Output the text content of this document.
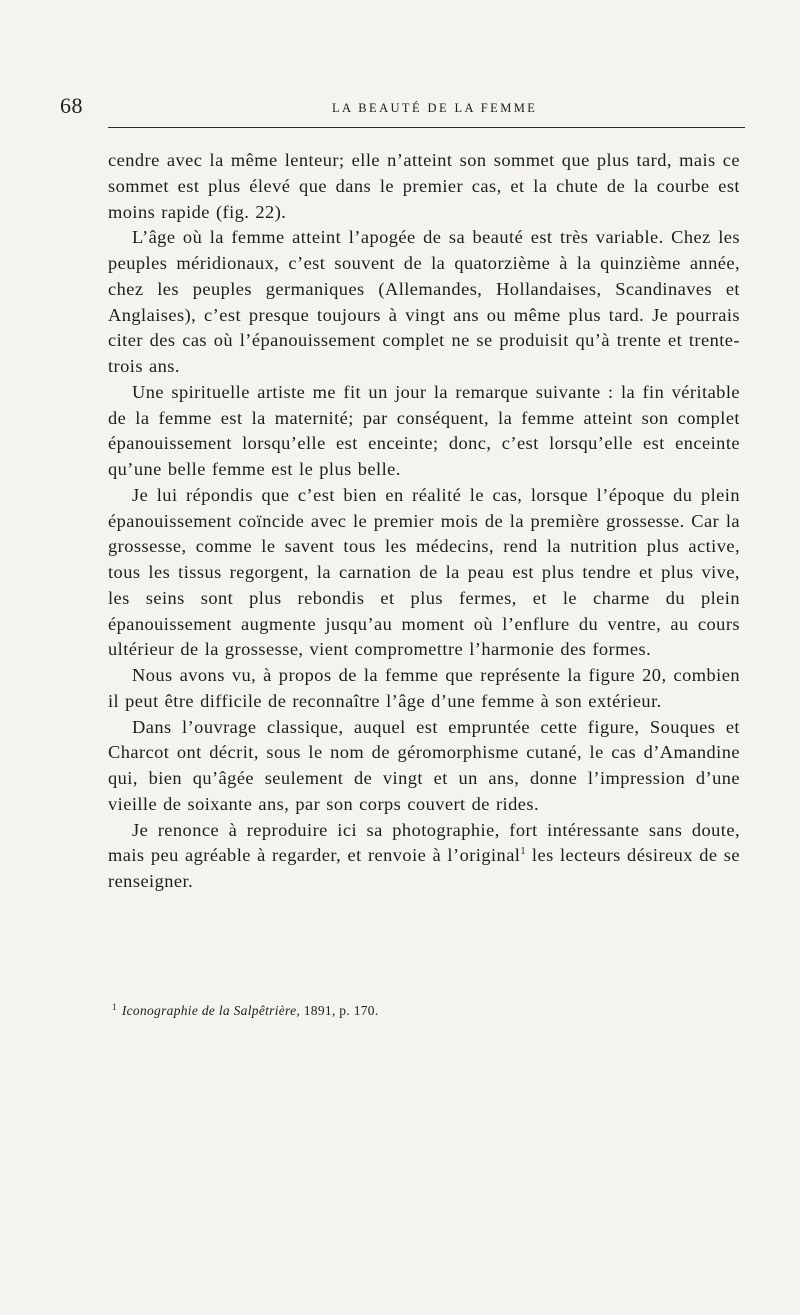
68	LA BEAUTÉ DE LA FEMME

cendre avec la même lenteur; elle n’atteint son sommet que plus tard, mais ce sommet est plus élevé que dans le premier cas, et la chute de la courbe est moins rapide (fig. 22).

L’âge où la femme atteint l’apogée de sa beauté est très variable. Chez les peuples méridionaux, c’est souvent de la quatorzième à la quinzième année, chez les peuples germaniques (Allemandes, Hollandaises, Scandinaves et Anglaises), c’est presque toujours à vingt ans ou même plus tard. Je pourrais citer des cas où l’épanouissement complet ne se produisit qu’à trente et trente-trois ans.

Une spirituelle artiste me fit un jour la remarque suivante : la fin véritable de la femme est la maternité; par conséquent, la femme atteint son complet épanouissement lorsqu’elle est enceinte; donc, c’est lorsqu’elle est enceinte qu’une belle femme est le plus belle.

Je lui répondis que c’est bien en réalité le cas, lorsque l’époque du plein épanouissement coïncide avec le premier mois de la première grossesse. Car la grossesse, comme le savent tous les médecins, rend la nutrition plus active, tous les tissus regorgent, la carnation de la peau est plus tendre et plus vive, les seins sont plus rebondis et plus fermes, et le charme du plein épanouissement augmente jusqu’au moment où l’enflure du ventre, au cours ultérieur de la grossesse, vient compromettre l’harmonie des formes.

Nous avons vu, à propos de la femme que représente la figure 20, combien il peut être difficile de reconnaître l’âge d’une femme à son extérieur.

Dans l’ouvrage classique, auquel est empruntée cette figure, Souques et Charcot ont décrit, sous le nom de géromorphisme cutané, le cas d’Amandine qui, bien qu’âgée seulement de vingt et un ans, donne l’impression d’une vieille de soixante ans, par son corps couvert de rides.

Je renonce à reproduire ici sa photographie, fort intéressante sans doute, mais peu agréable à regarder, et renvoie à l’original$^1$ les lecteurs désireux de se renseigner.

$^1$ Iconographie de la Salpêtrière, 1891, p. 170.
